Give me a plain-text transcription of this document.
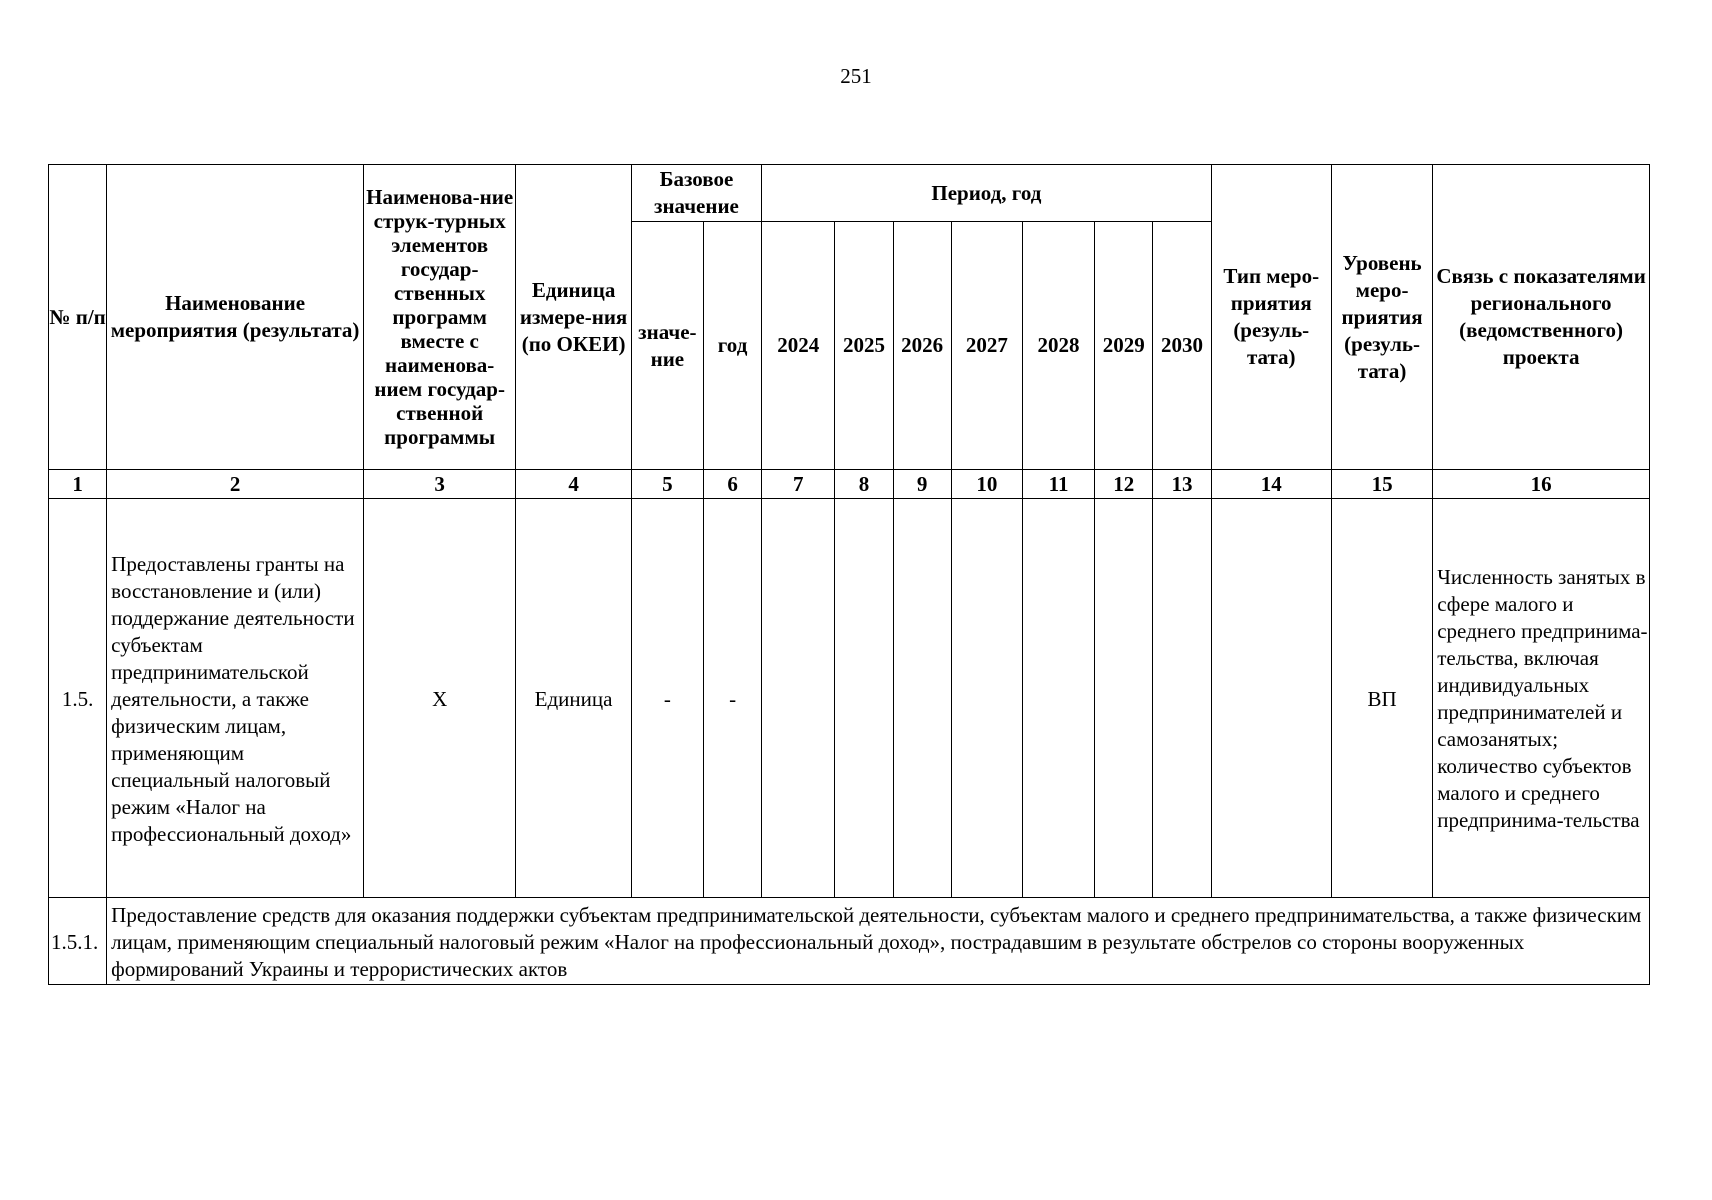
251
№ п/п	Наименование мероприятия (результата)	Наименова-ние струк-турных элементов государ-ственных программ вместе с наименова-нием государ-ственной программы	Единица измере-ния (по ОКЕИ)	Базовое значение		Период, год							Тип меро-приятия (резуль-тата)	Уровень меро-приятия (резуль-тата)	Связь с показателями регионального (ведомственного) проекта
				значе-ние	год	2024	2025	2026	2027	2028	2029	2030			
1	2	3	4	5	6	7	8	9	10	11	12	13	14	15	16
1.5.	Предоставлены гранты на восстановление и (или) поддержание деятельности субъектам предпринимательской деятельности, а также физическим лицам, применяющим специальный налоговый режим «Налог на профессиональный доход»	Х	Единица	-	-									ВП	Численность занятых в сфере малого и среднего предпринима-тельства, включая индивидуальных предпринимателей и самозанятых; количество субъектов малого и среднего предпринима-тельства
1.5.1.	Предоставление средств для оказания поддержки субъектам предпринимательской деятельности, субъектам малого и среднего предпринимательства, а также физическим лицам, применяющим специальный налоговый режим «Налог на профессиональный доход», пострадавшим в результате обстрелов со стороны вооруженных формирований Украины и террористических актов														
